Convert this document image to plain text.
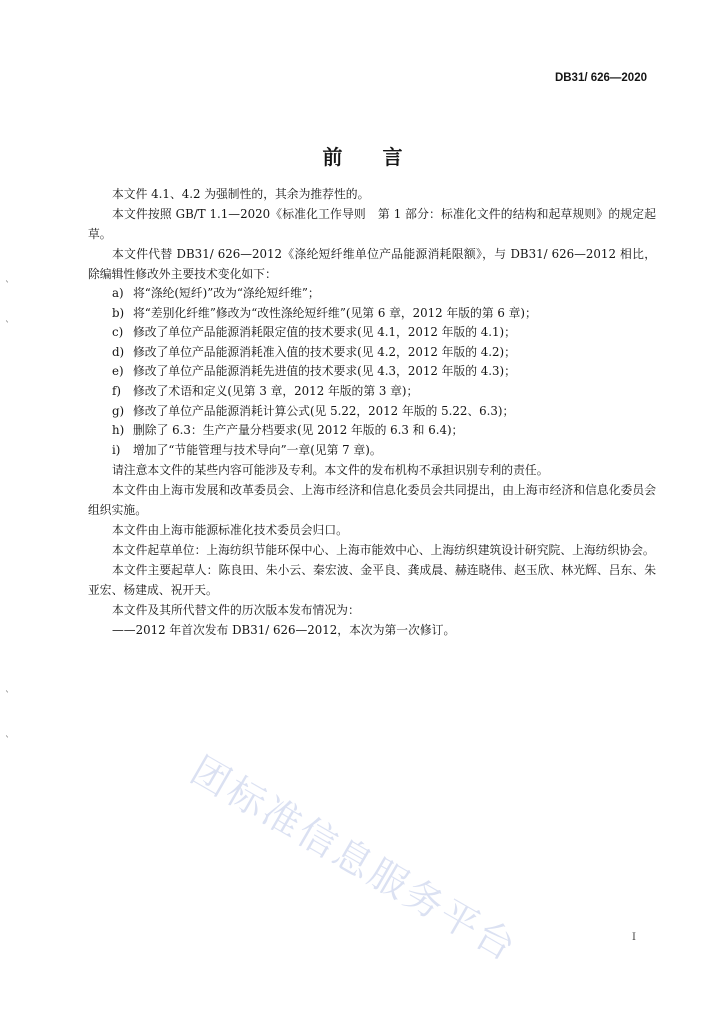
DB31/ 626—2020
前言
本文件 4.1、4.2 为强制性的，其余为推荐性的。
本文件按照 GB/T 1.1—2020《标准化工作导则　第 1 部分：标准化文件的结构和起草规则》的规定起草。
本文件代替 DB31/ 626—2012《涤纶短纤维单位产品能源消耗限额》，与 DB31/ 626—2012 相比，除编辑性修改外主要技术变化如下：
a) 将“涤纶(短纤)”改为“涤纶短纤维”；
b) 将“差别化纤维”修改为“改性涤纶短纤维”(见第 6 章，2012 年版的第 6 章)；
c) 修改了单位产品能源消耗限定值的技术要求(见 4.1，2012 年版的 4.1)；
d) 修改了单位产品能源消耗准入值的技术要求(见 4.2，2012 年版的 4.2)；
e) 修改了单位产品能源消耗先进值的技术要求(见 4.3，2012 年版的 4.3)；
f) 修改了术语和定义(见第 3 章，2012 年版的第 3 章)；
g) 修改了单位产品能源消耗计算公式(见 5.22，2012 年版的 5.22、6.3)；
h) 删除了 6.3：生产产量分档要求(见 2012 年版的 6.3 和 6.4)；
i) 增加了“节能管理与技术导向”一章(见第 7 章)。
请注意本文件的某些内容可能涉及专利。本文件的发布机构不承担识别专利的责任。
本文件由上海市发展和改革委员会、上海市经济和信息化委员会共同提出，由上海市经济和信息化委员会组织实施。
本文件由上海市能源标准化技术委员会归口。
本文件起草单位：上海纺织节能环保中心、上海市能效中心、上海纺织建筑设计研究院、上海纺织协会。
本文件主要起草人：陈良田、朱小云、秦宏波、金平良、龚成晨、赫连晓伟、赵玉欣、林光辉、吕东、朱亚宏、杨建成、祝开天。
本文件及其所代替文件的历次版本发布情况为：
——2012 年首次发布 DB31/ 626—2012，本次为第一次修订。
ˋ
ˋ
ˋ
ˋ
团标准信息服务平台	I
